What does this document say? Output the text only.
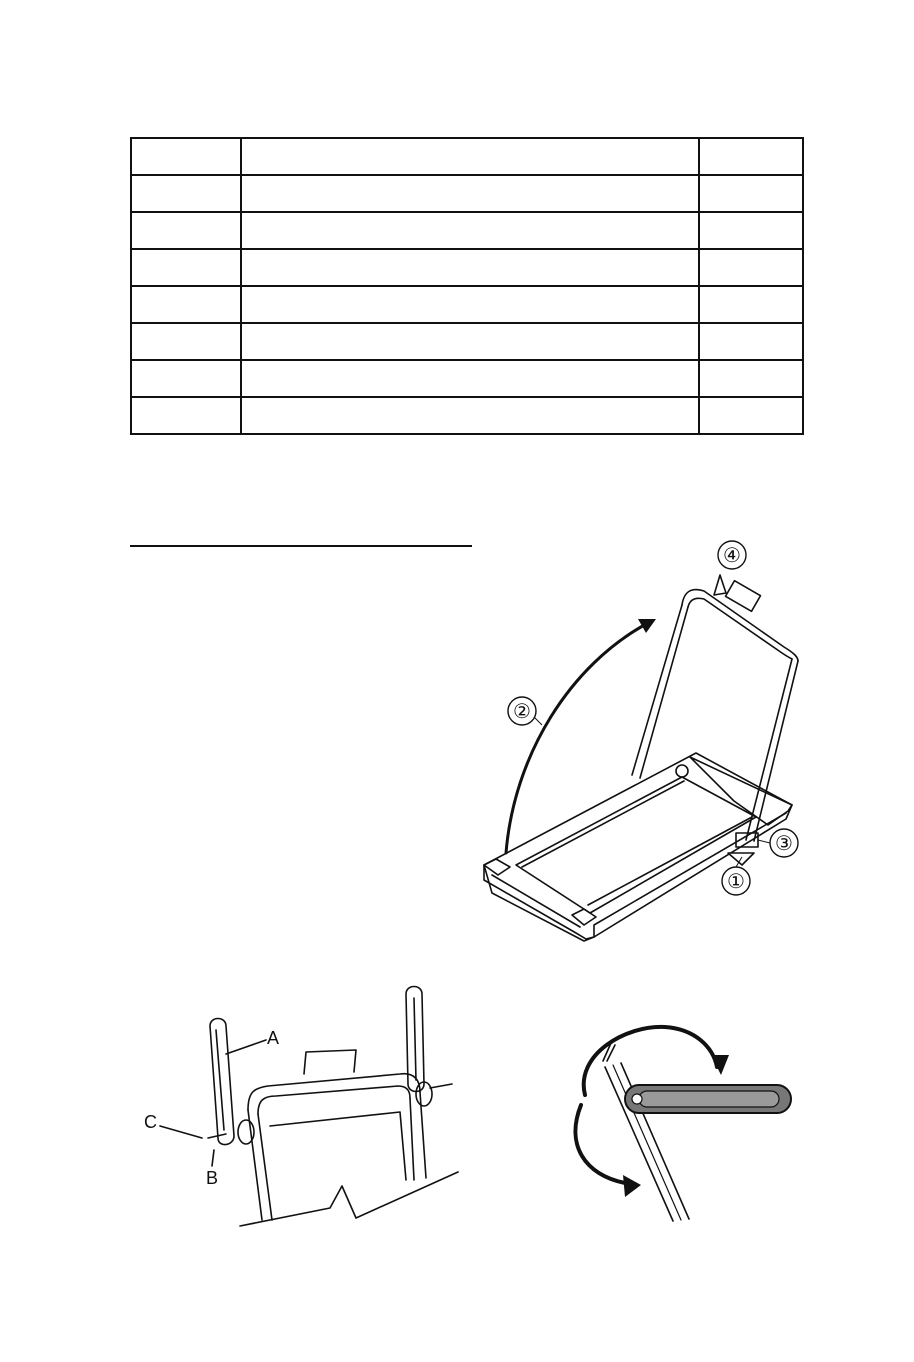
④
②
③
①
A
C
B
